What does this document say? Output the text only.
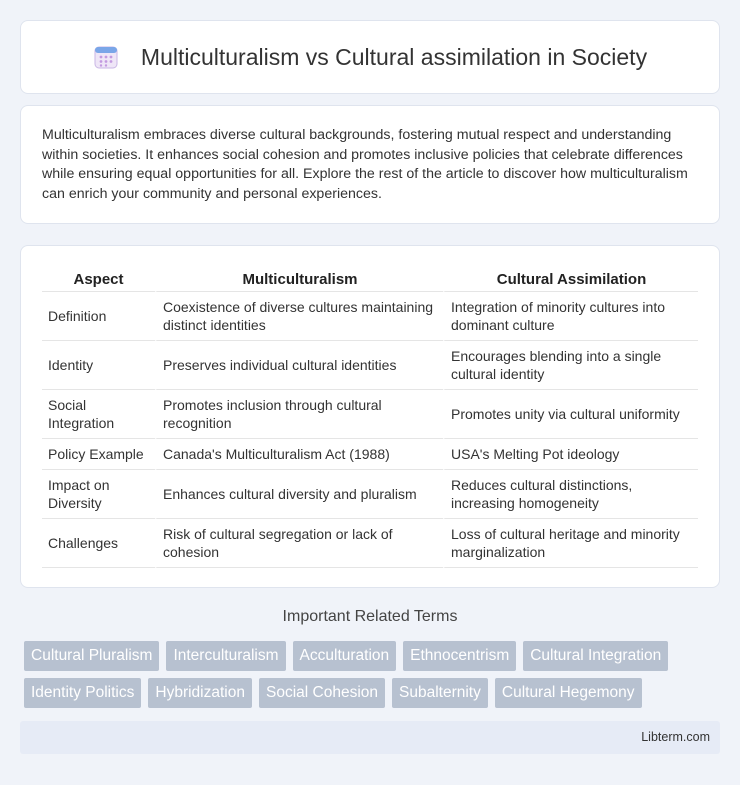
Multiculturalism vs Cultural assimilation in Society

Multiculturalism embraces diverse cultural backgrounds, fostering mutual respect and understanding within societies. It enhances social cohesion and promotes inclusive policies that celebrate differences while ensuring equal opportunities for all. Explore the rest of the article to discover how multiculturalism can enrich your community and personal experiences.

Aspect	Multiculturalism	Cultural Assimilation
Definition	Coexistence of diverse cultures maintaining distinct identities	Integration of minority cultures into dominant culture
Identity	Preserves individual cultural identities	Encourages blending into a single cultural identity
Social Integration	Promotes inclusion through cultural recognition	Promotes unity via cultural uniformity
Policy Example	Canada's Multiculturalism Act (1988)	USA's Melting Pot ideology
Impact on Diversity	Enhances cultural diversity and pluralism	Reduces cultural distinctions, increasing homogeneity
Challenges	Risk of cultural segregation or lack of cohesion	Loss of cultural heritage and minority marginalization
Important Related Terms
Cultural Pluralism	Interculturalism	Acculturation	Ethnocentrism	Cultural Integration
Identity Politics	Hybridization	Social Cohesion	Subalternity	Cultural Hegemony
Libterm.com
